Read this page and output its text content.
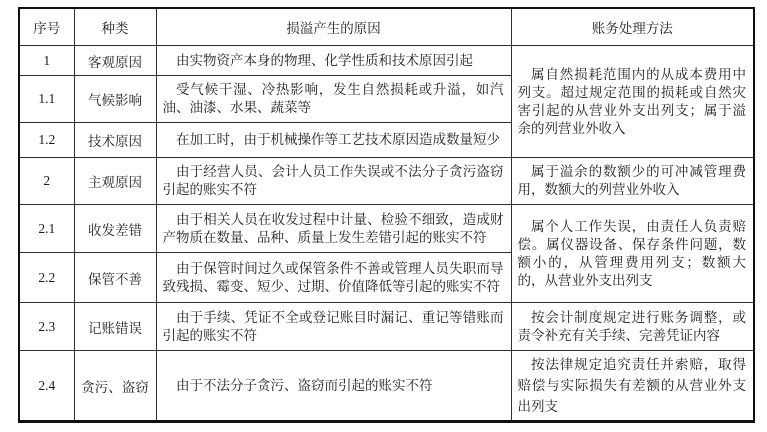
序号	种类	损溢产生的原因	账务处理方法
1	客观原因	由实物资产本身的物理、化学性质和技术原因引起	属自然损耗范围内的从成本费用中列支。超过规定范围的损耗或自然灾害引起的从营业外支出列支；属于溢余的列营业外收入
1.1	气候影响	受气候干湿、冷热影响，发生自然损耗或升溢，如汽油、油漆、水果、蔬菜等	
1.2	技术原因	在加工时，由于机械操作等工艺技术原因造成数量短少	
2	主观原因	由于经营人员、会计人员工作失误或不法分子贪污盗窃引起的账实不符	属于溢余的数额少的可冲减管理费用，数额大的列营业外收入
2.1	收发差错	由于相关人员在收发过程中计量、检验不细致，造成财产物质在数量、品种、质量上发生差错引起的账实不符	属个人工作失误，由责任人负责赔偿。属仪器设备、保存条件问题，数额小的，从管理费用列支；数额大的，从营业外支出列支
2.2	保管不善	由于保管时间过久或保管条件不善或管理人员失职而导致残损、霉变、短少、过期、价值降低等引起的账实不符	
2.3	记账错误	由于手续、凭证不全或登记账目时漏记、重记等错账而引起的账实不符	按会计制度规定进行账务调整，或责令补充有关手续、完善凭证内容
2.4	贪污、盗窃	由于不法分子贪污、盗窃而引起的账实不符	按法律规定追究责任并索赔，取得赔偿与实际损失有差额的从营业外支出列支
